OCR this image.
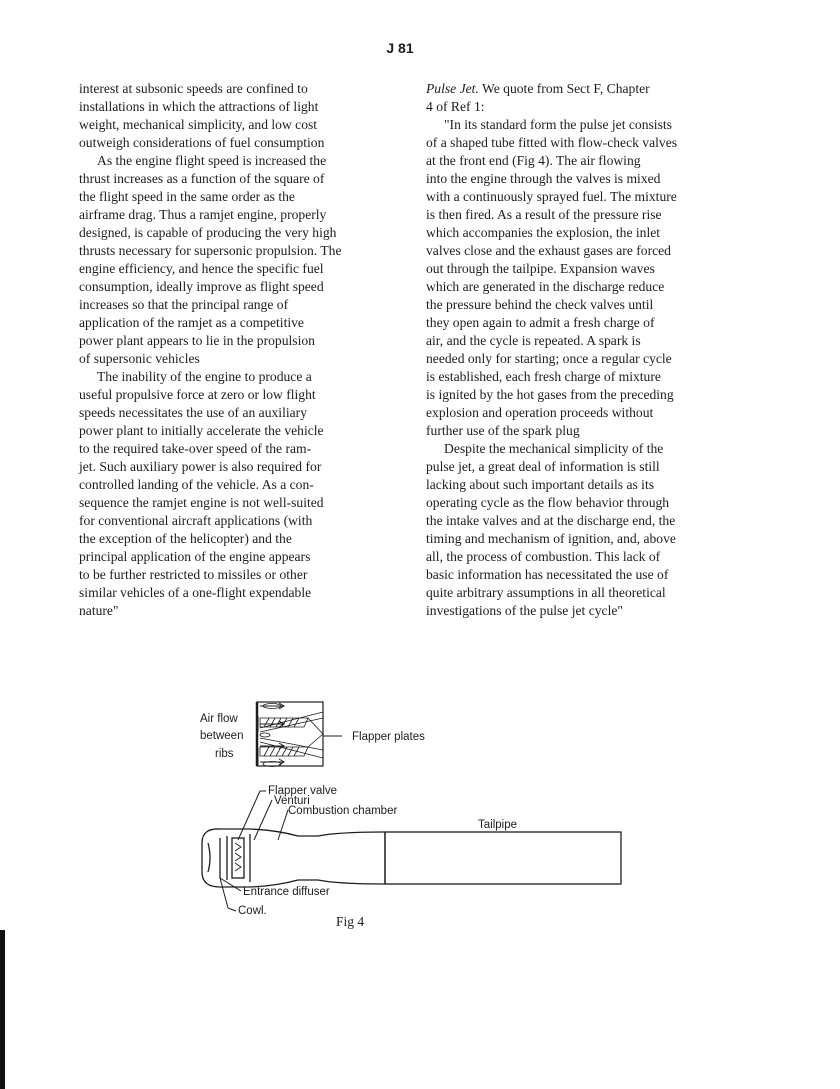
J 81
interest at subsonic speeds are confined to
installations in which the attractions of light
weight, mechanical simplicity, and low cost
outweigh considerations of fuel consumption
As the engine flight speed is increased the
thrust increases as a function of the square of
the flight speed in the same order as the
airframe drag. Thus a ramjet engine, properly
designed, is capable of producing the very high
thrusts necessary for supersonic propulsion. The
engine efficiency, and hence the specific fuel
consumption, ideally improve as flight speed
increases so that the principal range of
application of the ramjet as a competitive
power plant appears to lie in the propulsion
of supersonic vehicles
The inability of the engine to produce a
useful propulsive force at zero or low flight
speeds necessitates the use of an auxiliary
power plant to initially accelerate the vehicle
to the required take-over speed of the ram-
jet. Such auxiliary power is also required for
controlled landing of the vehicle. As a con-
sequence the ramjet engine is not well-suited
for conventional aircraft applications (with
the exception of the helicopter) and the
principal application of the engine appears
to be further restricted to missiles or other
similar vehicles of a one-flight expendable
nature"
Pulse Jet. We quote from Sect F, Chapter
4 of Ref 1:
"In its standard form the pulse jet consists
of a shaped tube fitted with flow-check valves
at the front end (Fig 4). The air flowing
into the engine through the valves is mixed
with a continuously sprayed fuel. The mixture
is then fired. As a result of the pressure rise
which accompanies the explosion, the inlet
valves close and the exhaust gases are forced
out through the tailpipe. Expansion waves
which are generated in the discharge reduce
the pressure behind the check valves until
they open again to admit a fresh charge of
air, and the cycle is repeated. A spark is
needed only for starting; once a regular cycle
is established, each fresh charge of mixture
is ignited by the hot gases from the preceding
explosion and operation proceeds without
further use of the spark plug
Despite the mechanical simplicity of the
pulse jet, a great deal of information is still
lacking about such important details as its
operating cycle as the flow behavior through
the intake valves and at the discharge end, the
timing and mechanism of ignition, and, above
all, the process of combustion. This lack of
basic information has necessitated the use of
quite arbitrary assumptions in all theoretical
investigations of the pulse jet cycle"
Air flow
between
ribs
Flapper plates
Flapper valve
Venturi
Combustion chamber
Tailpipe
Entrance diffuser
Cowl.
Fig 4
